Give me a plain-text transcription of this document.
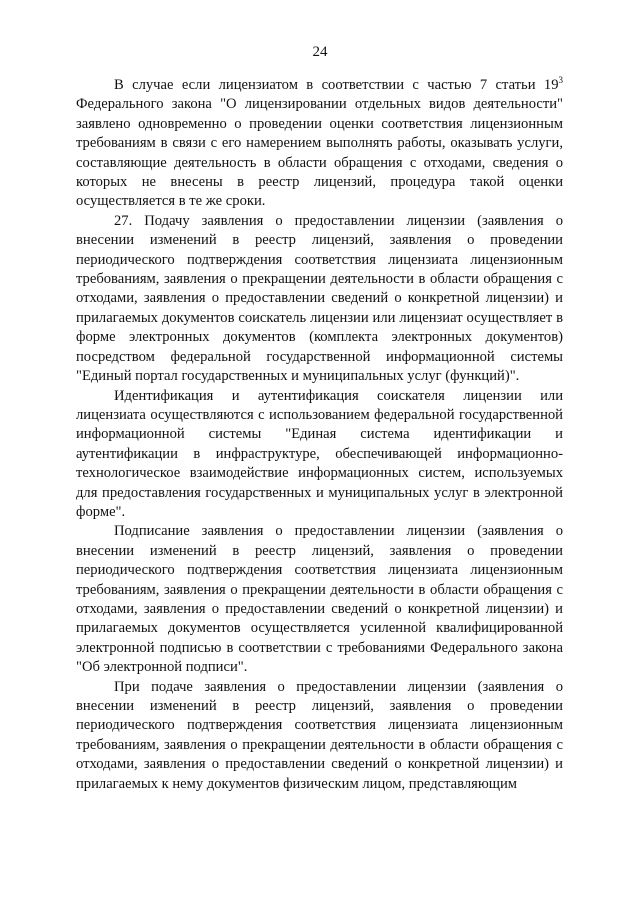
24

В случае если лицензиатом в соответствии с частью 7 статьи $19^3$ Федерального закона "О лицензировании отдельных видов деятельности" заявлено одновременно о проведении оценки соответствия лицензионным требованиям в связи с его намерением выполнять работы, оказывать услуги, составляющие деятельность в области обращения с отходами, сведения о которых не внесены в реестр лицензий, процедура такой оценки осуществляется в те же сроки.

27. Подачу заявления о предоставлении лицензии (заявления о внесении изменений в реестр лицензий, заявления о проведении периодического подтверждения соответствия лицензиата лицензионным требованиям, заявления о прекращении деятельности в области обращения с отходами, заявления о предоставлении сведений о конкретной лицензии) и прилагаемых документов соискатель лицензии или лицензиат осуществляет в форме электронных документов (комплекта электронных документов) посредством федеральной государственной информационной системы "Единый портал государственных и муниципальных услуг (функций)".

Идентификация и аутентификация соискателя лицензии или лицензиата осуществляются с использованием федеральной государственной информационной системы "Единая система идентификации и аутентификации в инфраструктуре, обеспечивающей информационно-технологическое взаимодействие информационных систем, используемых для предоставления государственных и муниципальных услуг в электронной форме".

Подписание заявления о предоставлении лицензии (заявления о внесении изменений в реестр лицензий, заявления о проведении периодического подтверждения соответствия лицензиата лицензионным требованиям, заявления о прекращении деятельности в области обращения с отходами, заявления о предоставлении сведений о конкретной лицензии) и прилагаемых документов осуществляется усиленной квалифицированной электронной подписью в соответствии с требованиями Федерального закона "Об электронной подписи".

При подаче заявления о предоставлении лицензии (заявления о внесении изменений в реестр лицензий, заявления о проведении периодического подтверждения соответствия лицензиата лицензионным требованиям, заявления о прекращении деятельности в области обращения с отходами, заявления о предоставлении сведений о конкретной лицензии) и прилагаемых к нему документов физическим лицом, представляющим
